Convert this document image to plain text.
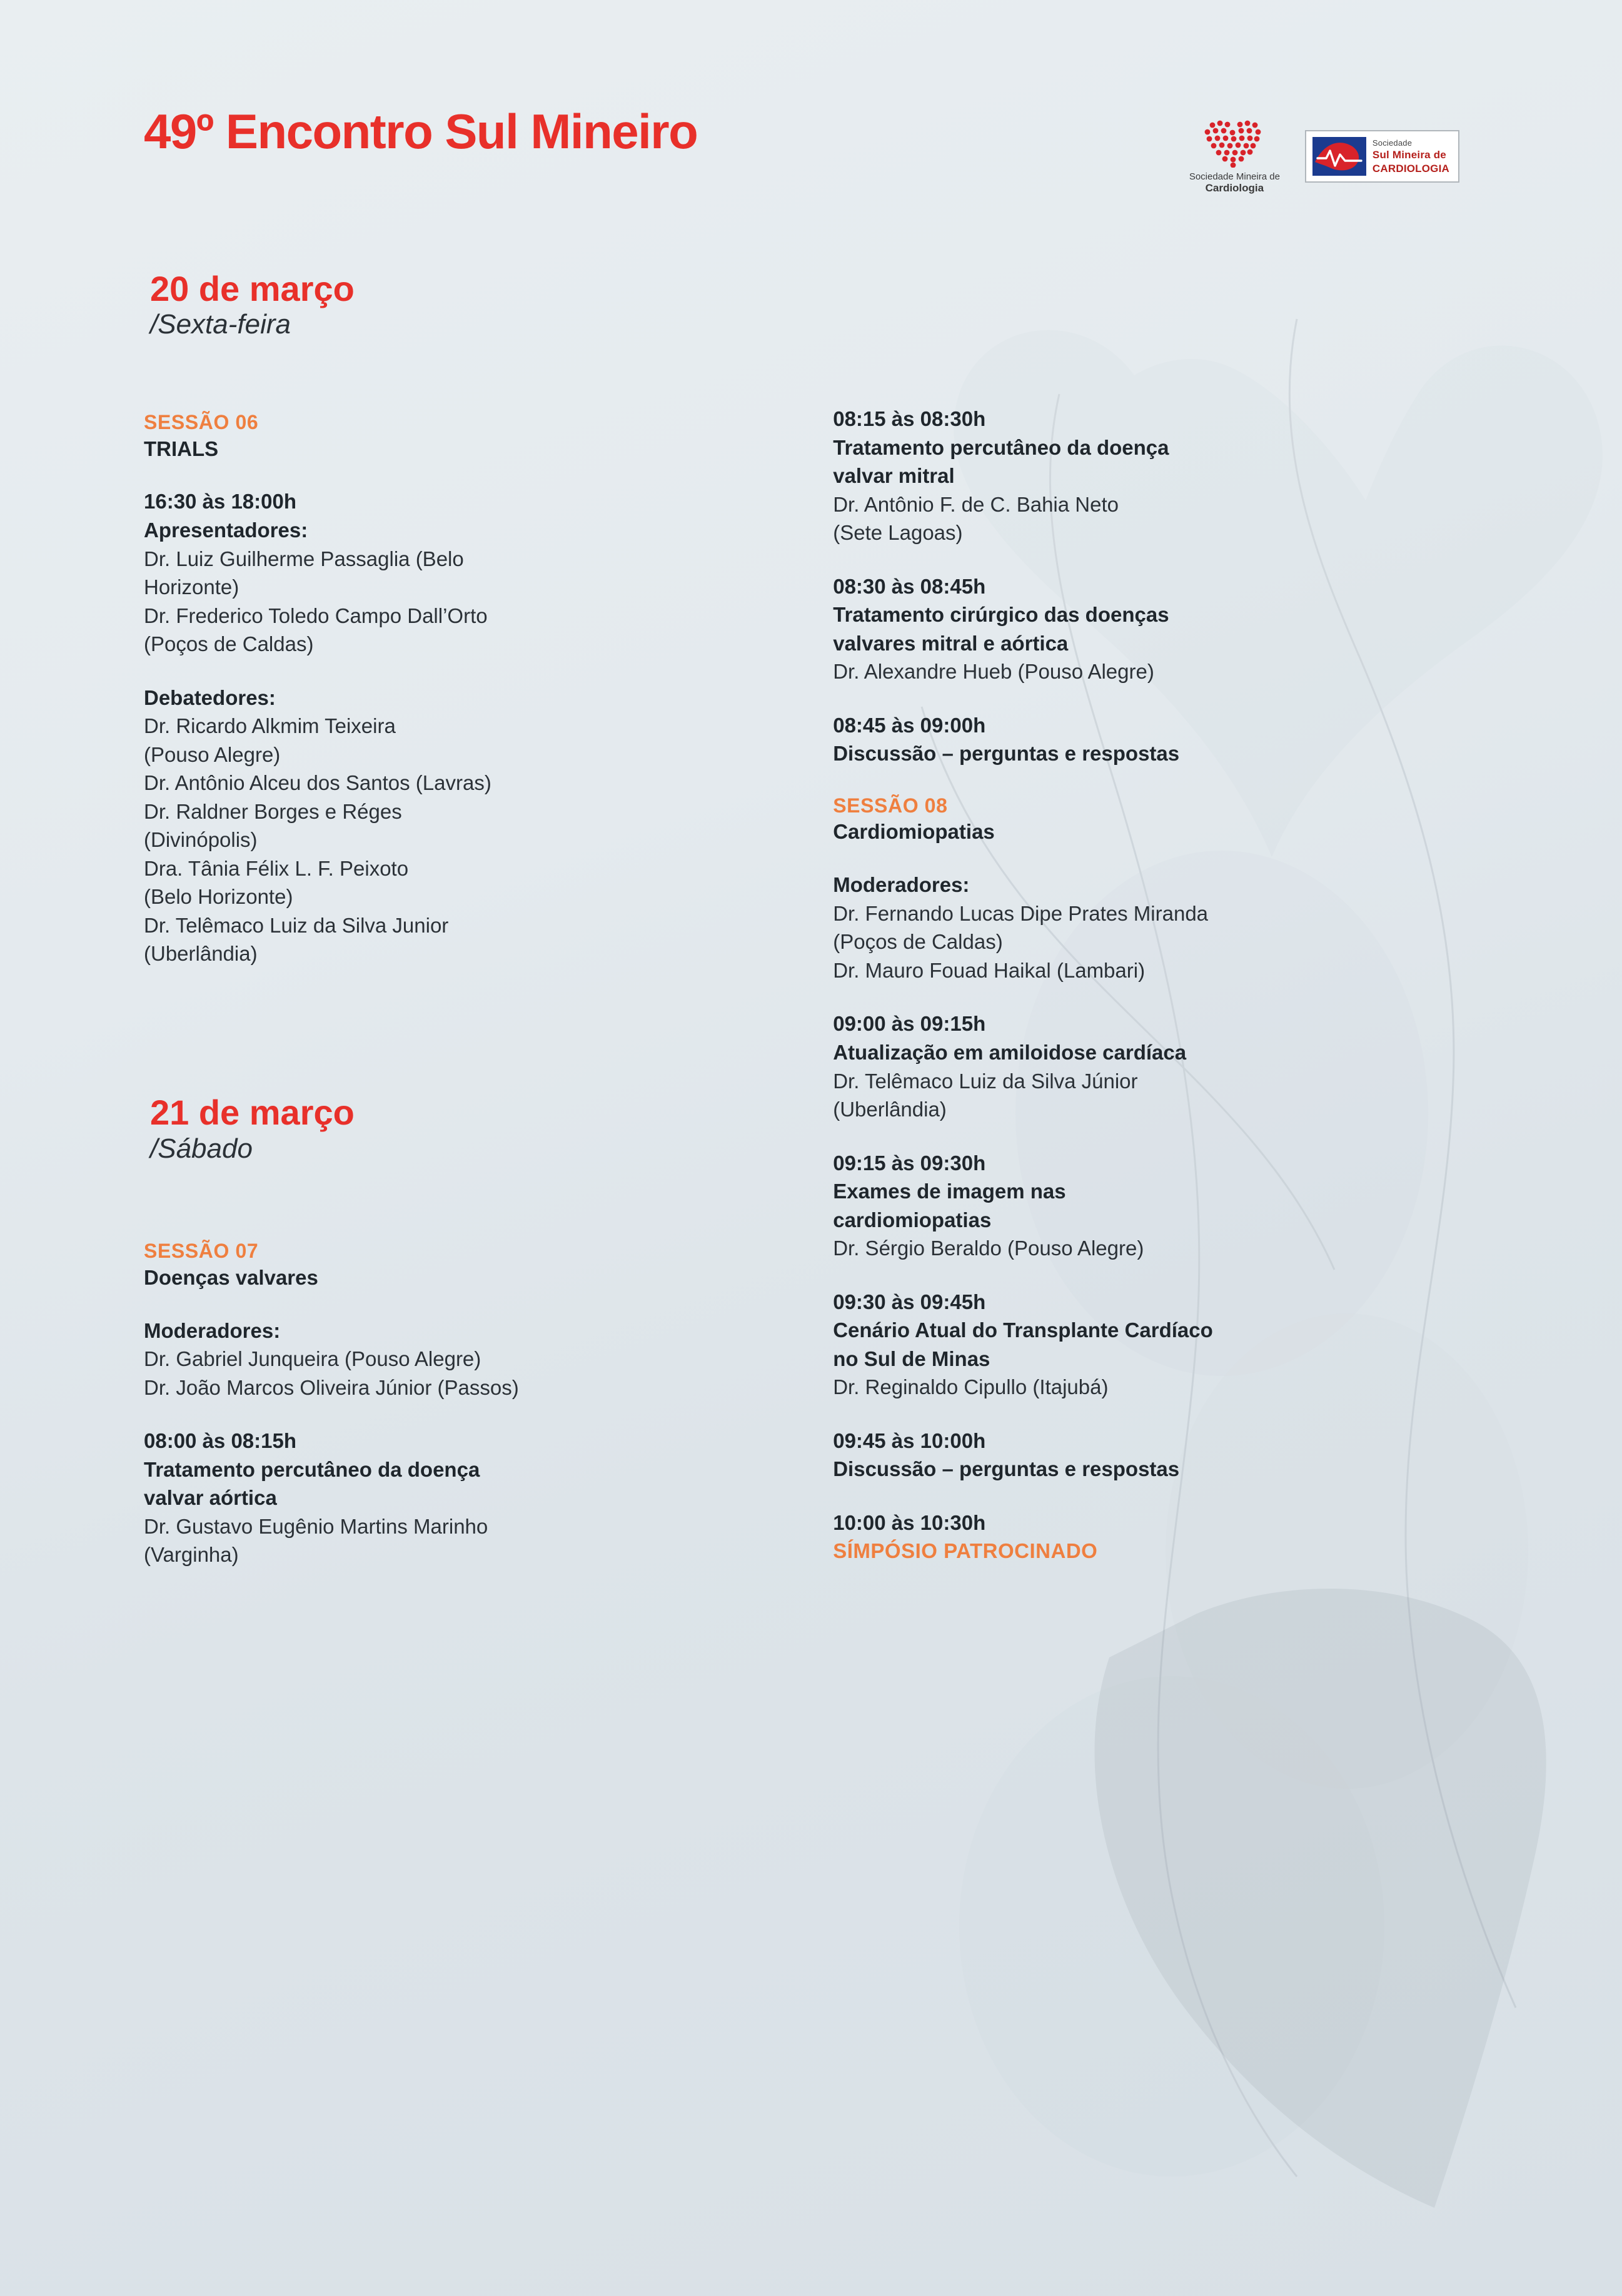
49º Encontro Sul Mineiro
Sociedade Mineira de
Cardiologia
Sociedade
Sul Mineira de
CARDIOLOGIA
20 de março
/Sexta-feira
SESSÃO 06
TRIALS
16:30 às 18:00h
Apresentadores:
Dr. Luiz Guilherme Passaglia (Belo
Horizonte)
Dr. Frederico Toledo Campo Dall’Orto
(Poços de Caldas)
Debatedores:
Dr. Ricardo Alkmim Teixeira
(Pouso Alegre)
Dr. Antônio Alceu dos Santos (Lavras)
Dr. Raldner Borges e Réges
(Divinópolis)
Dra. Tânia Félix L. F. Peixoto
(Belo Horizonte)
Dr. Telêmaco Luiz da Silva Junior
(Uberlândia)
21 de março
/Sábado
SESSÃO 07
Doenças valvares
Moderadores:
Dr. Gabriel Junqueira (Pouso Alegre)
Dr. João Marcos Oliveira Júnior (Passos)
08:00 às 08:15h
Tratamento percutâneo da doença
valvar aórtica
Dr. Gustavo Eugênio Martins Marinho
(Varginha)
08:15 às 08:30h
Tratamento percutâneo da doença
valvar mitral
Dr. Antônio F. de C. Bahia Neto
(Sete Lagoas)
08:30 às 08:45h
Tratamento cirúrgico das doenças
valvares mitral e aórtica
Dr. Alexandre Hueb (Pouso Alegre)
08:45 às 09:00h
Discussão – perguntas e respostas
SESSÃO 08
Cardiomiopatias
Moderadores:
Dr. Fernando Lucas Dipe Prates Miranda
(Poços de Caldas)
Dr. Mauro Fouad Haikal (Lambari)
09:00 às 09:15h
Atualização em amiloidose cardíaca
Dr. Telêmaco Luiz da Silva Júnior
(Uberlândia)
09:15 às 09:30h
Exames de imagem nas
cardiomiopatias
Dr. Sérgio Beraldo (Pouso Alegre)
09:30 às 09:45h
Cenário Atual do Transplante Cardíaco
no Sul de Minas
Dr. Reginaldo Cipullo (Itajubá)
09:45 às 10:00h
Discussão – perguntas e respostas
10:00 às 10:30h
SÍMPÓSIO PATROCINADO
